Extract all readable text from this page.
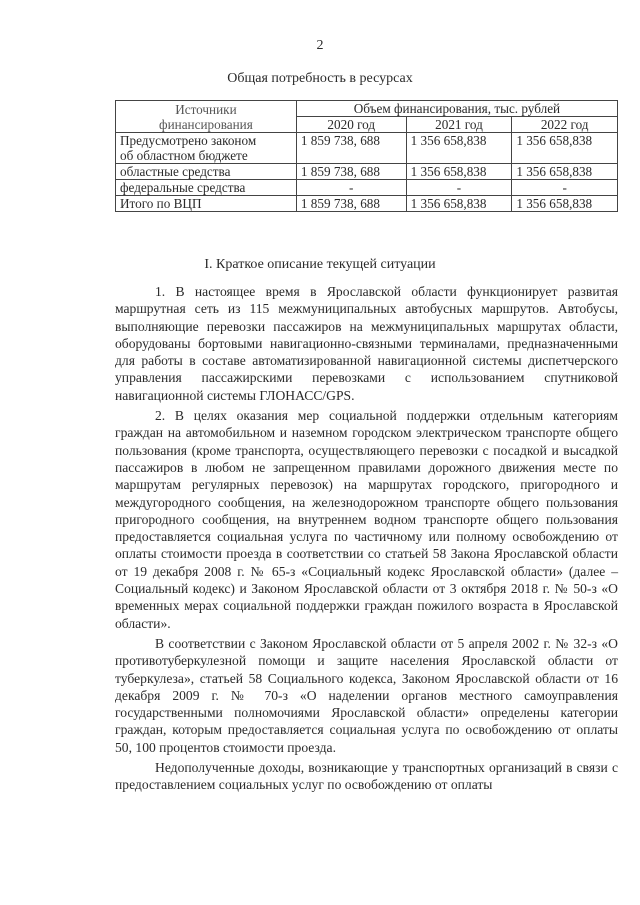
2
Общая потребность в ресурсах
Источники
финансирования	Объем финансирования, тыс. рублей		
	2020 год	2021 год	2022 год
Предусмотрено законом
об областном бюджете	1 859 738, 688	1 356 658,838	1 356 658,838
областные средства	1 859 738, 688	1 356 658,838	1 356 658,838
федеральные средства	-	-	-
Итого по ВЦП	1 859 738, 688	1 356 658,838	1 356 658,838
I. Краткое описание текущей ситуации

1. В настоящее время в Ярославской области функционирует развитая маршрутная сеть из 115 межмуниципальных автобусных маршрутов. Автобусы, выполняющие перевозки пассажиров на межмуниципальных маршрутах области, оборудованы бортовыми навигационно-связными терминалами, предназначенными для работы в составе автоматизированной навигационной системы диспетчерского управления пассажирскими перевозками с использованием спутниковой навигационной системы ГЛОНАСС/GPS.

2. В целях оказания мер социальной поддержки отдельным категориям граждан на автомобильном и наземном городском электрическом транспорте общего пользования (кроме транспорта, осуществляющего перевозки с посадкой и высадкой пассажиров в любом не запрещенном правилами дорожного движения месте по маршрутам регулярных перевозок) на маршрутах городского, пригородного и междугородного сообщения, на железнодорожном транспорте общего пользования пригородного сообщения, на внутреннем водном транспорте общего пользования предоставляется социальная услуга по частичному или полному освобождению от оплаты стоимости проезда в соответствии со статьей 58 Закона Ярославской области от 19 декабря 2008 г. № 65-з «Социальный кодекс Ярославской области» (далее – Социальный кодекс) и Законом Ярославской области от 3 октября 2018 г. № 50-з «О временных мерах социальной поддержки граждан пожилого возраста в Ярославской области».

В соответствии с Законом Ярославской области от 5 апреля 2002 г. № 32-з «О противотуберкулезной помощи и защите населения Ярославской области от туберкулеза», статьей 58 Социального кодекса, Законом Ярославской области от 16 декабря 2009 г. № 70-з «О наделении органов местного самоуправления государственными полномочиями Ярославской области» определены категории граждан, которым предоставляется социальная услуга по освобождению от оплаты 50, 100 процентов стоимости проезда.

Недополученные доходы, возникающие у транспортных организаций в связи с предоставлением социальных услуг по освобождению от оплаты
